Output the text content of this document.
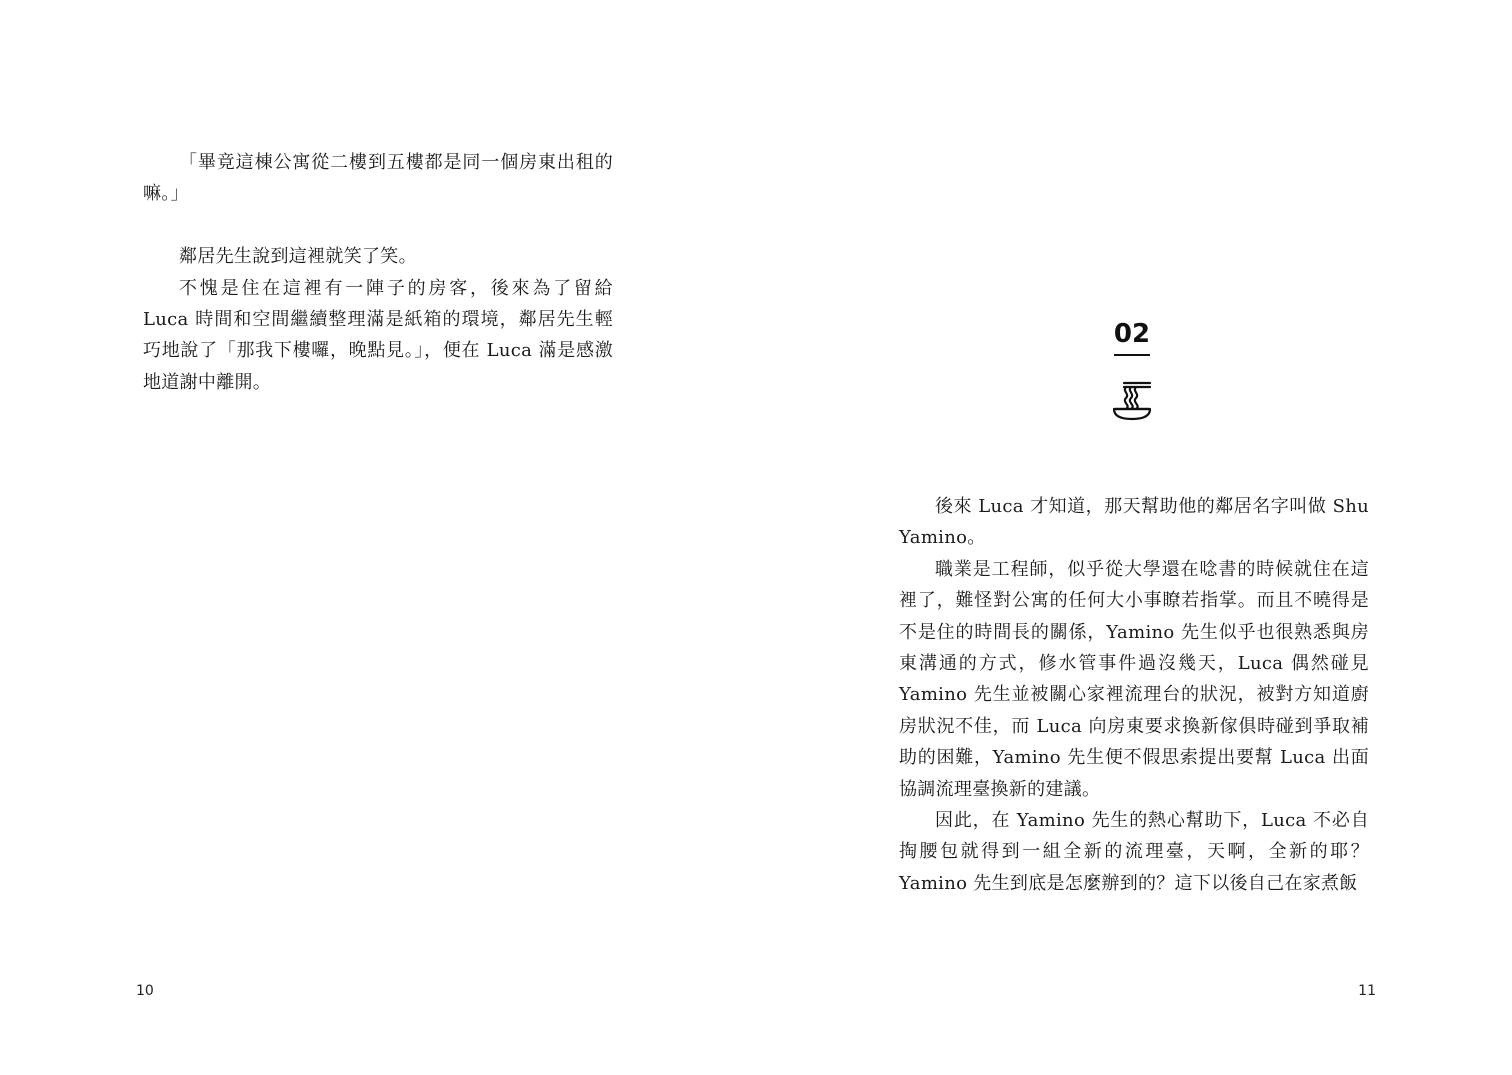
「畢竟這棟公寓從二樓到五樓都是同一個房東出租的嘛。」

鄰居先生說到這裡就笑了笑。

不愧是住在這裡有一陣子的房客，後來為了留給 Luca 時間和空間繼續整理滿是紙箱的環境，鄰居先生輕巧地說了「那我下樓囉，晚點見。」，便在 Luca 滿是感激地道謝中離開。

10
02

後來 Luca 才知道，那天幫助他的鄰居名字叫做 Shu Yamino。

職業是工程師，似乎從大學還在唸書的時候就住在這裡了，難怪對公寓的任何大小事瞭若指掌。而且不曉得是不是住的時間長的關係，Yamino 先生似乎也很熟悉與房東溝通的方式，修水管事件過沒幾天，Luca 偶然碰見 Yamino 先生並被關心家裡流理台的狀況，被對方知道廚房狀況不佳，而 Luca 向房東要求換新傢俱時碰到爭取補助的困難，Yamino 先生便不假思索提出要幫 Luca 出面協調流理臺換新的建議。

因此，在 Yamino 先生的熱心幫助下，Luca 不必自掏腰包就得到一組全新的流理臺，天啊，全新的耶？Yamino 先生到底是怎麼辦到的？這下以後自己在家煮飯

11
